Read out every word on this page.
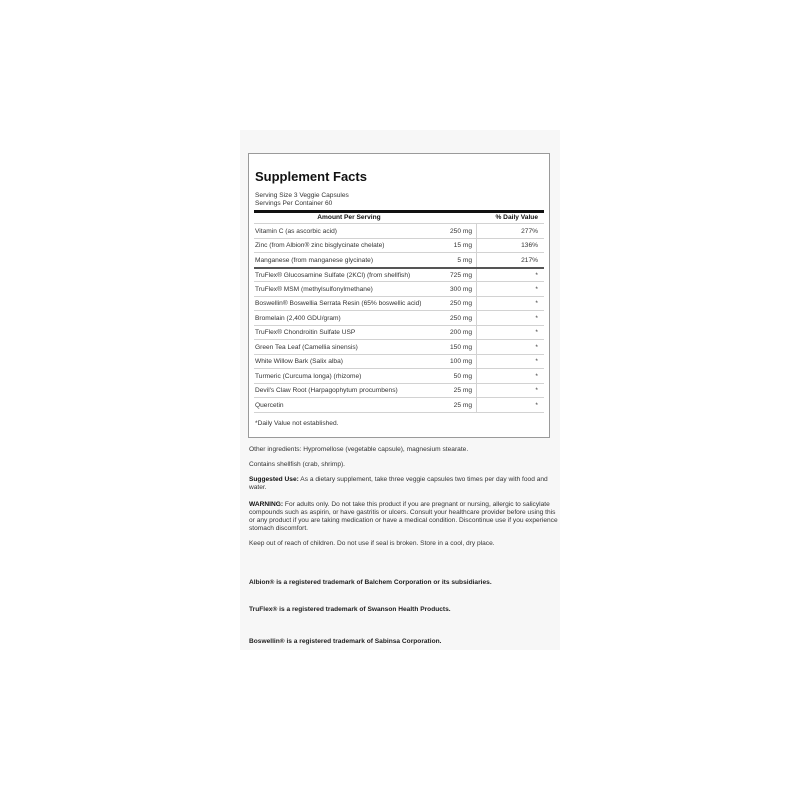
Supplement Facts
Serving Size 3 Veggie Capsules
Servings Per Container 60
Amount Per Serving	% Daily Value
Vitamin C (as ascorbic acid)	250 mg	277%
Zinc (from Albion® zinc bisglycinate chelate)	15 mg	136%
Manganese (from manganese glycinate)	5 mg	217%
TruFlex® Glucosamine Sulfate (2KCl) (from shellfish)	725 mg	*
TruFlex® MSM (methylsulfonylmethane)	300 mg	*
Boswellin® Boswellia Serrata Resin (65% boswellic acid)	250 mg	*
Bromelain (2,400 GDU/gram)	250 mg	*
TruFlex® Chondroitin Sulfate USP	200 mg	*
Green Tea Leaf (Camellia sinensis)	150 mg	*
White Willow Bark (Salix alba)	100 mg	*
Turmeric (Curcuma longa) (rhizome)	50 mg	*
Devil's Claw Root (Harpagophytum procumbens)	25 mg	*
Quercetin	25 mg	*
*Daily Value not established.
Other ingredients: Hypromellose (vegetable capsule), magnesium stearate.
Contains shellfish (crab, shrimp).
Suggested Use: As a dietary supplement, take three veggie capsules two times per day with food and water.
WARNING: For adults only. Do not take this product if you are pregnant or nursing, allergic to salicylate compounds such as aspirin, or have gastritis or ulcers. Consult your healthcare provider before using this or any product if you are taking medication or have a medical condition. Discontinue use if you experience stomach discomfort.
Keep out of reach of children. Do not use if seal is broken. Store in a cool, dry place.
Albion® is a registered trademark of Balchem Corporation or its subsidiaries.
TruFlex® is a registered trademark of Swanson Health Products.
Boswellin® is a registered trademark of Sabinsa Corporation.
